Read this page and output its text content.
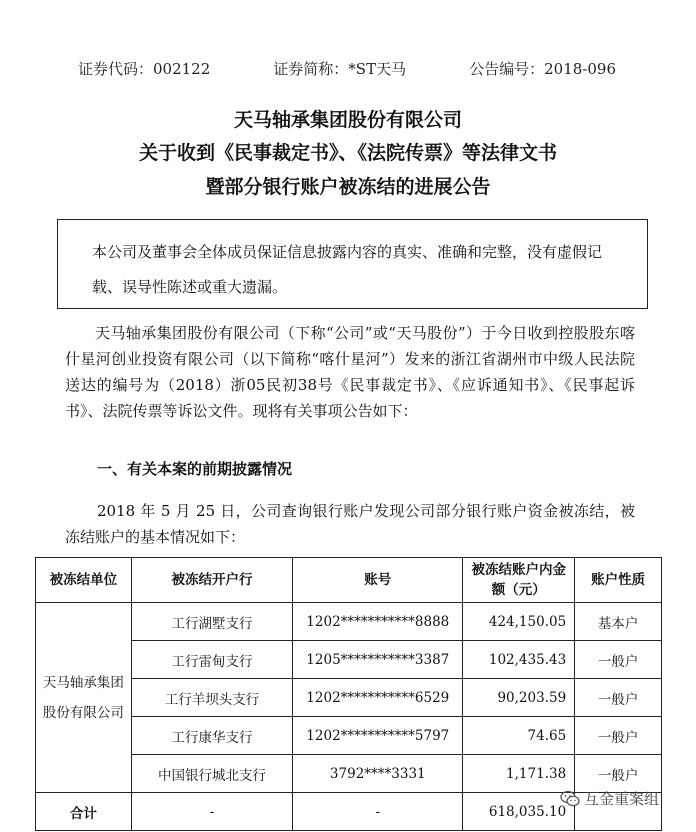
证券代码：002122	证券简称：*ST天马	公告编号：2018-096
天马轴承集团股份有限公司
关于收到《民事裁定书》、《法院传票》等法律文书
暨部分银行账户被冻结的进展公告
本公司及董事会全体成员保证信息披露内容的真实、准确和完整，没有虚假记载、误导性陈述或重大遗漏。
天马轴承集团股份有限公司（下称“公司”或“天马股份”）于今日收到控股股东喀什星河创业投资有限公司（以下简称“喀什星河”）发来的浙江省湖州市中级人民法院送达的编号为（2018）浙05民初38号《民事裁定书》、《应诉通知书》、《民事起诉书》、法院传票等诉讼文件。现将有关事项公告如下：
一、有关本案的前期披露情况
2018 年 5 月 25 日，公司查询银行账户发现公司部分银行账户资金被冻结，被冻结账户的基本情况如下：
被冻结单位	被冻结开户行	账号	被冻结账户内金额（元）	账户性质
天马轴承集团股份有限公司	工行湖墅支行	1202***********8888	424,150.05	基本户
	工行雷甸支行	1205***********3387	102,435.43	一般户
	工行羊坝头支行	1202***********6529	90,203.59	一般户
	工行康华支行	1202***********5797	74.65	一般户
	中国银行城北支行	3792****3331	1,171.38	一般户
合计	-	-	618,035.10	
互金重案组
